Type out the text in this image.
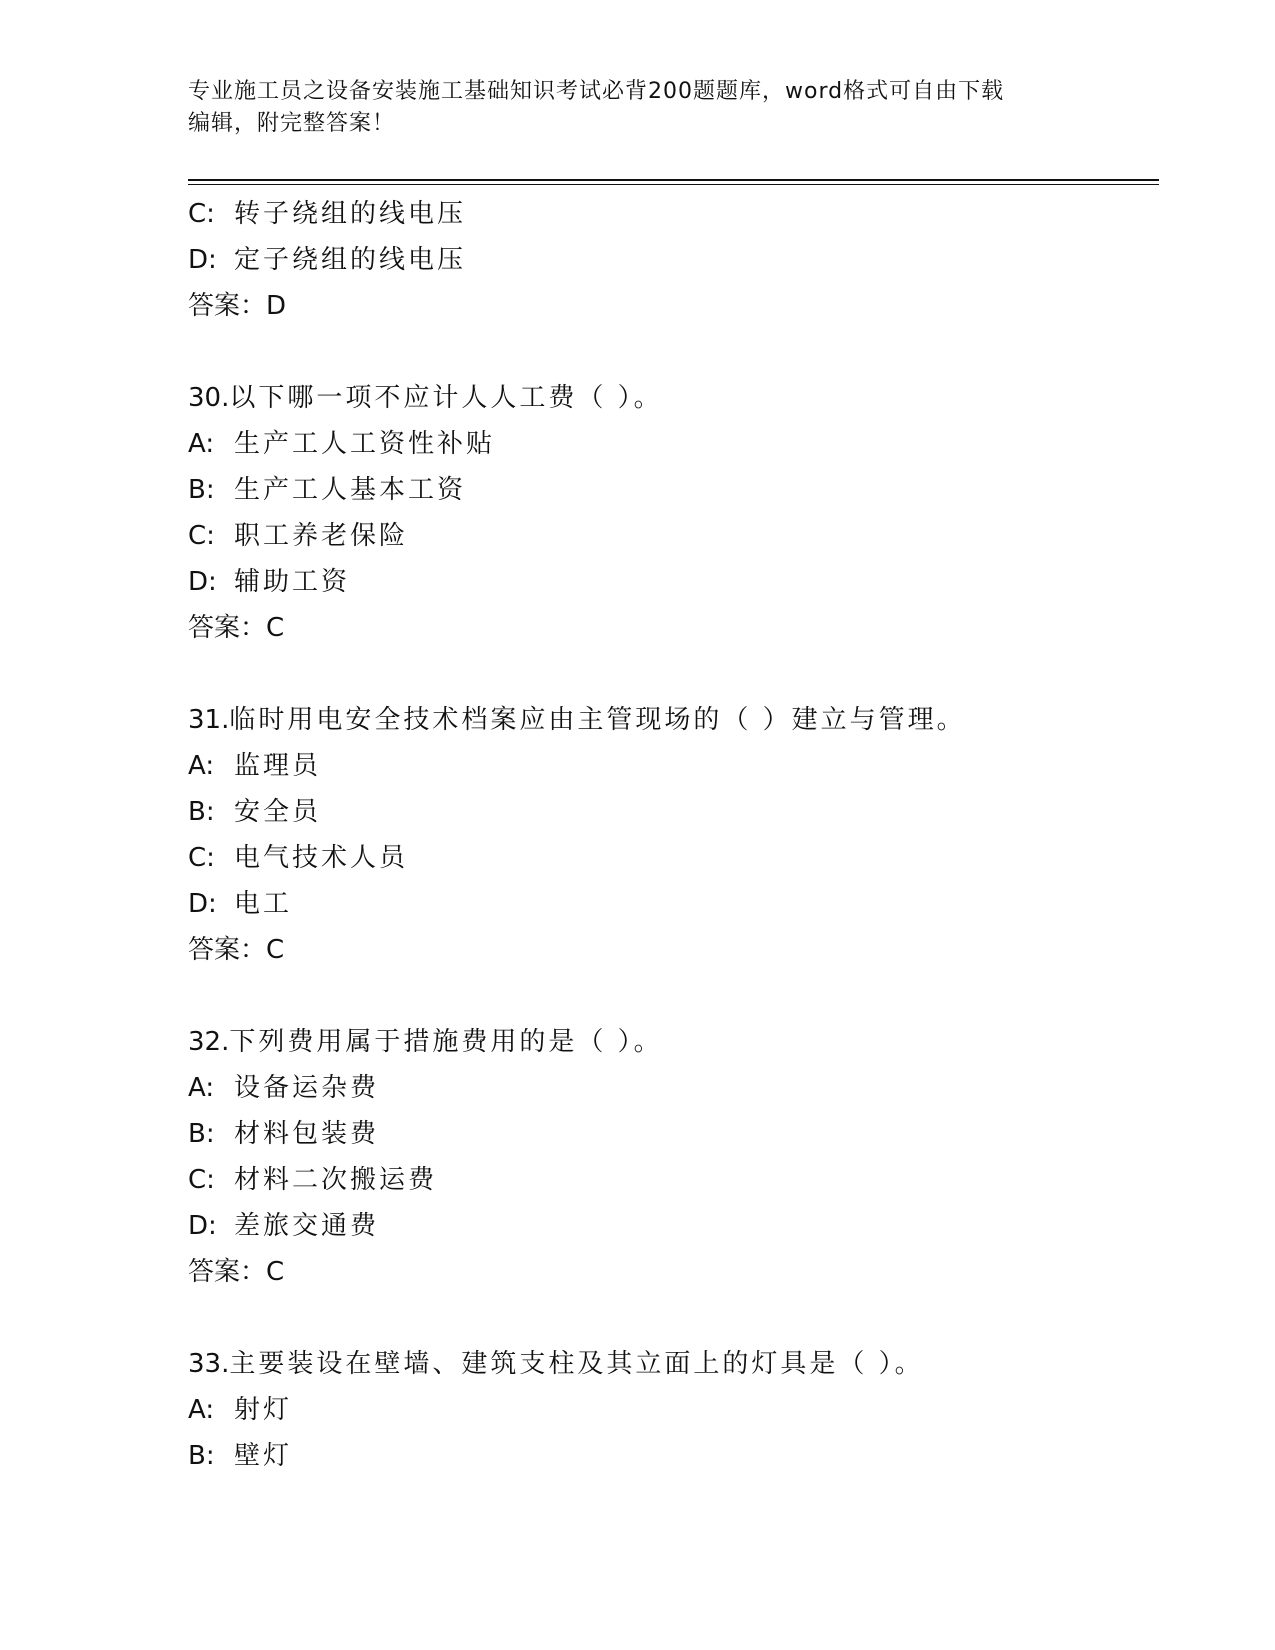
专业施工员之设备安装施工基础知识考试必背200题题库，word格式可自由下载
编辑，附完整答案！
C: 转子绕组的线电压
D: 定子绕组的线电压
答案：D
30.以下哪一项不应计人人工费（ ）。
A: 生产工人工资性补贴
B: 生产工人基本工资
C: 职工养老保险
D: 辅助工资
答案：C
31.临时用电安全技术档案应由主管现场的（ ）建立与管理。
A: 监理员
B: 安全员
C: 电气技术人员
D: 电工
答案：C
32.下列费用属于措施费用的是（ ）。
A: 设备运杂费
B: 材料包装费
C: 材料二次搬运费
D: 差旅交通费
答案：C
33.主要装设在壁墙、建筑支柱及其立面上的灯具是（ ）。
A: 射灯
B: 壁灯
